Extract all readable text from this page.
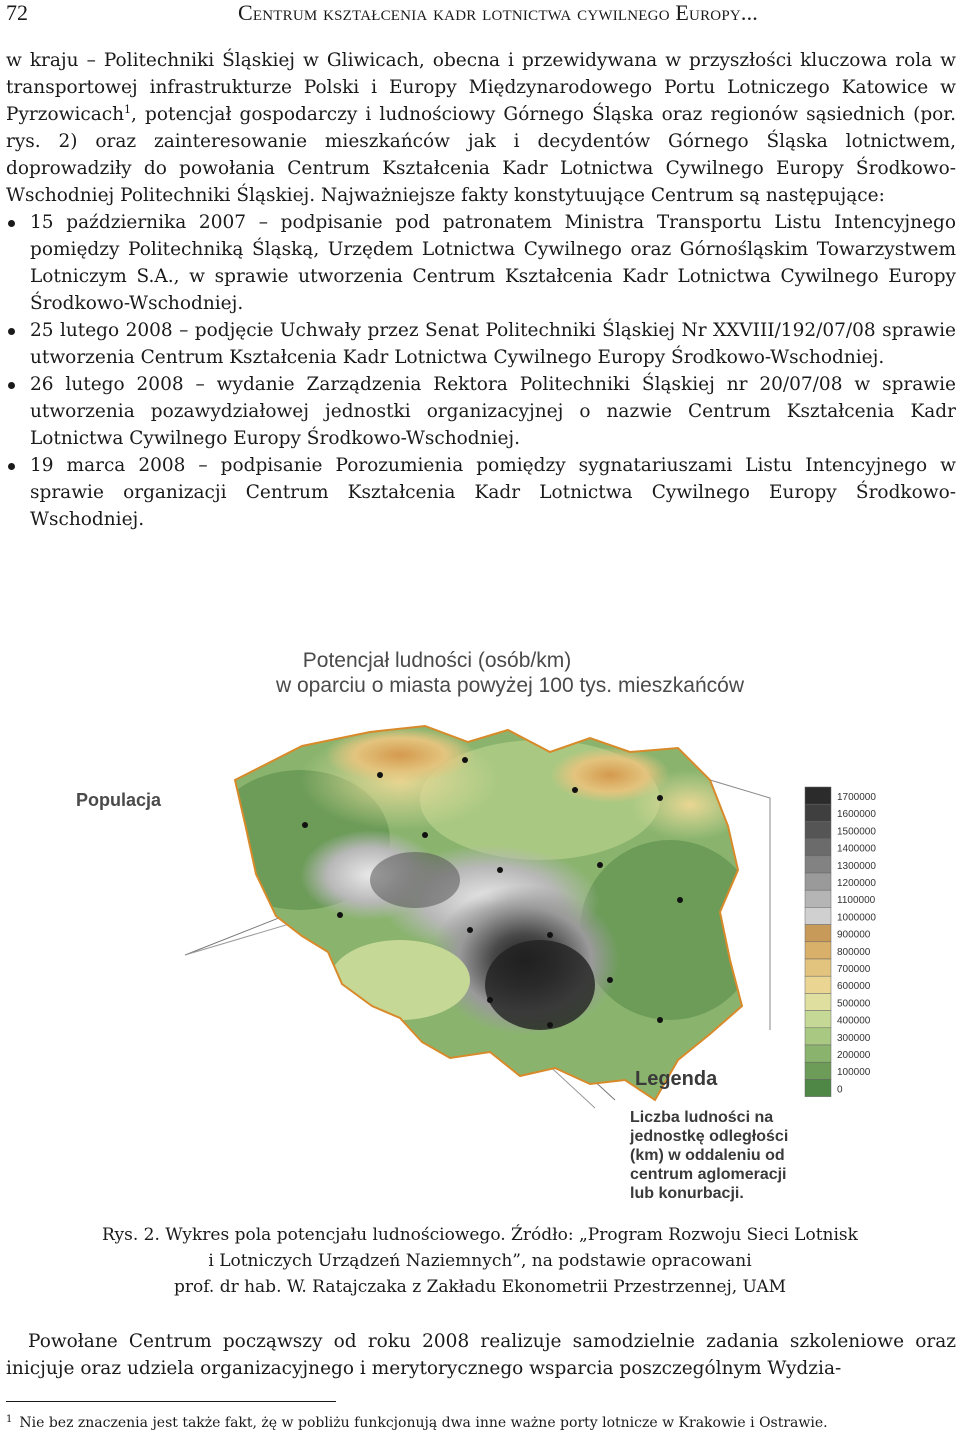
72	Centrum kształcenia kadr lotnictwa cywilnego Europy...

w kraju – Politechniki Śląskiej w Gliwicach, obecna i przewidywana w przyszłości kluczowa rola w transportowej infrastrukturze Polski i Europy Międzynarodowego Portu Lotniczego Katowice w Pyrzowicach$^1$, potencjał gospodarczy i ludnościowy Górnego Śląska oraz regionów sąsiednich (por. rys. 2) oraz zainteresowanie mieszkańców jak i decydentów Górnego Śląska lotnictwem, doprowadziły do powołania Centrum Kształcenia Kadr Lotnictwa Cywilnego Europy Środkowo-Wschodniej Politechniki Śląskiej. Najważniejsze fakty konstytuujące Centrum są następujące:

15 października 2007 – podpisanie pod patronatem Ministra Transportu Listu Intencyjnego pomiędzy Politechniką Śląską, Urzędem Lotnictwa Cywilnego oraz Górnośląskim Towarzystwem Lotniczym S.A., w sprawie utworzenia Centrum Kształcenia Kadr Lotnictwa Cywilnego Europy Środkowo-Wschodniej.
25 lutego 2008 – podjęcie Uchwały przez Senat Politechniki Śląskiej Nr XXVIII/192/07/08 sprawie utworzenia Centrum Kształcenia Kadr Lotnictwa Cywilnego Europy Środkowo-Wschodniej.
26 lutego 2008 – wydanie Zarządzenia Rektora Politechniki Śląskiej nr 20/07/08 w sprawie utworzenia pozawydziałowej jednostki organizacyjnej o nazwie Centrum Kształcenia Kadr Lotnictwa Cywilnego Europy Środkowo-Wschodniej.
19 marca 2008 – podpisanie Porozumienia pomiędzy sygnatariuszami Listu Intencyjnego w sprawie organizacji Centrum Kształcenia Kadr Lotnictwa Cywilnego Europy Środkowo-Wschodniej.
Potencjał ludności (osób/km)
w oparciu o miasta powyżej 100 tys. mieszkańców
Populacja	1700000
1600000
1500000
1400000
1300000
1200000
1100000
1000000
900000
800000
700000
600000
500000
400000
300000
200000
100000
0
Legenda
Liczba ludności na
jednostkę odległości
(km) w oddaleniu od
centrum aglomeracji
lub konurbacji.
Rys. 2. Wykres pola potencjału ludnościowego. Źródło: „Program Rozwoju Sieci Lotnisk
i Lotniczych Urządzeń Naziemnych”, na podstawie opracowani
prof. dr hab. W. Ratajczaka z Zakładu Ekonometrii Przestrzennej, UAM

Powołane Centrum począwszy od roku 2008 realizuje samodzielnie zadania szkoleniowe oraz inicjuje oraz udziela organizacyjnego i merytorycznego wsparcia poszczególnym Wydzia-

$^1$ Nie bez znaczenia jest także fakt, żę w pobliżu funkcjonują dwa inne ważne porty lotnicze w Krakowie i Ostrawie.
